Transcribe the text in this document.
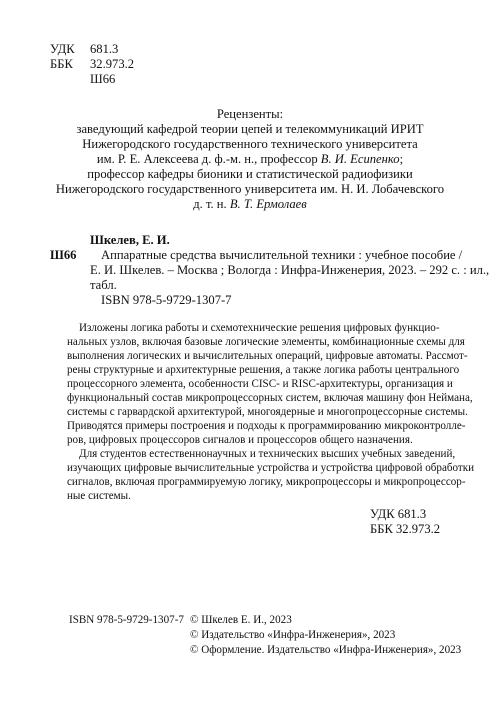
УДК 681.3
ББК 32.973.2
Ш66
Рецензенты:
заведующий кафедрой теории цепей и телекоммуникаций ИРИТ
Нижегородского государственного технического университета
им. Р. Е. Алексеева д. ф.-м. н., профессор В. И. Есипенко;
профессор кафедры бионики и статистической радиофизики
Нижегородского государственного университета им. Н. И. Лобачевского
д. т. н. В. Т. Ермолаев
Шкелев, Е. И.
Ш66 Аппаратные средства вычислительной техники : учебное пособие /
Е. И. Шкелев. – Москва ; Вологда : Инфра-Инженерия, 2023. – 292 с. : ил.,
табл.
ISBN 978-5-9729-1307-7
Изложены логика работы и схемотехнические решения цифровых функцио-
нальных узлов, включая базовые логические элементы, комбинационные схемы для
выполнения логических и вычислительных операций, цифровые автоматы. Рассмот-
рены структурные и архитектурные решения, а также логика работы центрального
процессорного элемента, особенности CISC- и RISC-архитектуры, организация и
функциональный состав микропроцессорных систем, включая машину фон Неймана,
системы с гарвардской архитектурой, многоядерные и многопроцессорные системы.
Приводятся примеры построения и подходы к программированию микроконтролле-
ров, цифровых процессоров сигналов и процессоров общего назначения.
Для студентов естественнонаучных и технических высших учебных заведений,
изучающих цифровые вычислительные устройства и устройства цифровой обработки
сигналов, включая программируемую логику, микропроцессоры и микропроцессор-
ные системы.
УДК 681.3
ББК 32.973.2
ISBN 978-5-9729-1307-7 © Шкелев Е. И., 2023
© Издательство «Инфра-Инженерия», 2023
© Оформление. Издательство «Инфра-Инженерия», 2023
